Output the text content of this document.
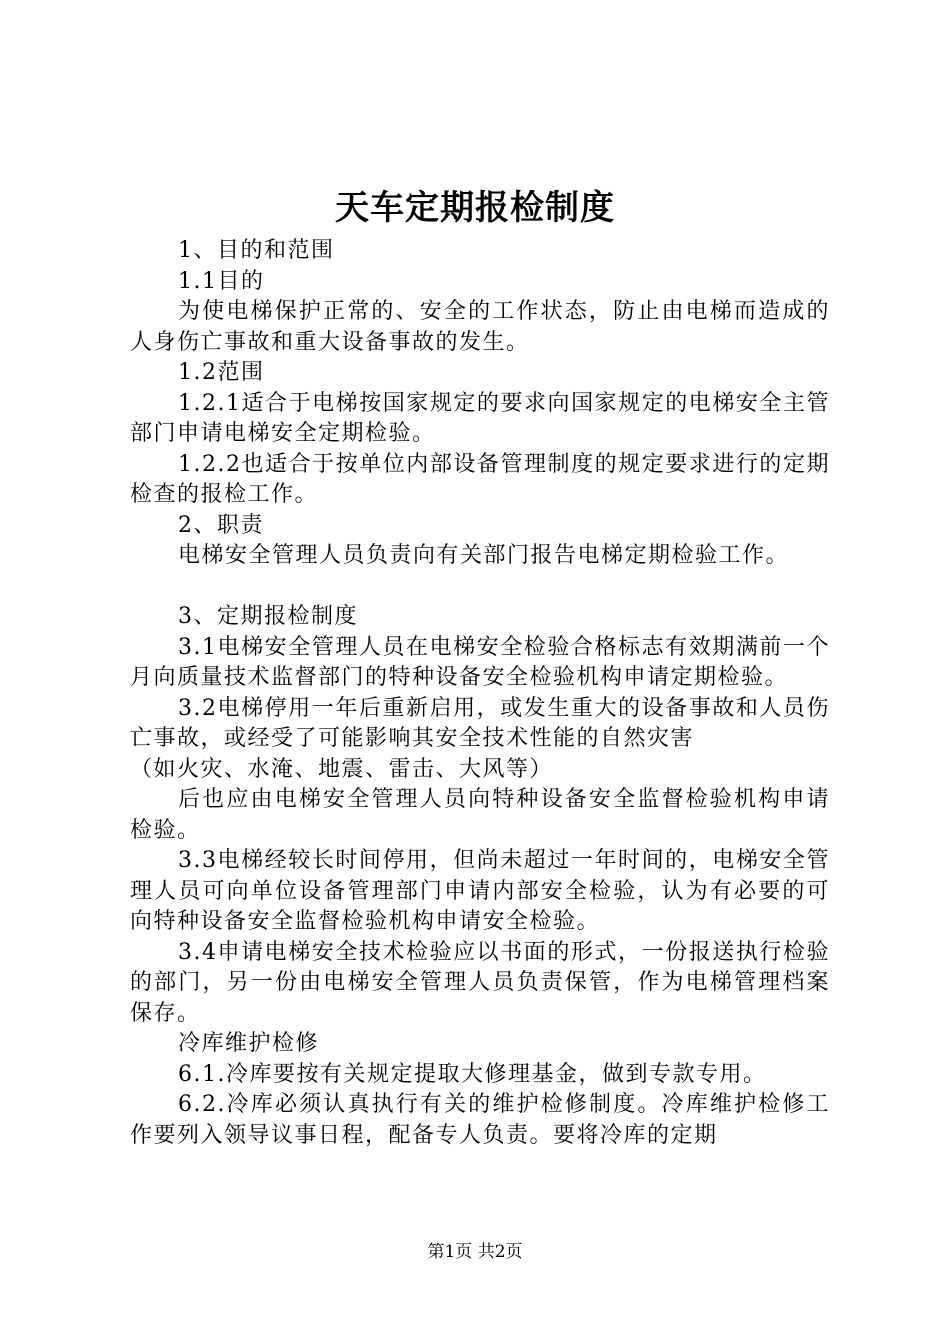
天车定期报检制度

1、目的和范围

1.1目的

为使电梯保护正常的、安全的工作状态，防止由电梯而造成的人身伤亡事故和重大设备事故的发生。

1.2范围

1.2.1适合于电梯按国家规定的要求向国家规定的电梯安全主管部门申请电梯安全定期检验。

1.2.2也适合于按单位内部设备管理制度的规定要求进行的定期检查的报检工作。

2、职责

电梯安全管理人员负责向有关部门报告电梯定期检验工作。

3、定期报检制度

3.1电梯安全管理人员在电梯安全检验合格标志有效期满前一个月向质量技术监督部门的特种设备安全检验机构申请定期检验。

3.2电梯停用一年后重新启用，或发生重大的设备事故和人员伤亡事故，或经受了可能影响其安全技术性能的自然灾害

（如火灾、水淹、地震、雷击、大风等）

后也应由电梯安全管理人员向特种设备安全监督检验机构申请检验。

3.3电梯经较长时间停用，但尚未超过一年时间的，电梯安全管理人员可向单位设备管理部门申请内部安全检验，认为有必要的可向特种设备安全监督检验机构申请安全检验。

3.4申请电梯安全技术检验应以书面的形式，一份报送执行检验的部门，另一份由电梯安全管理人员负责保管，作为电梯管理档案保存。

冷库维护检修

6.1.冷库要按有关规定提取大修理基金，做到专款专用。

6.2.冷库必须认真执行有关的维护检修制度。冷库维护检修工作要列入领导议事日程，配备专人负责。要将冷库的定期

第1页 共2页
